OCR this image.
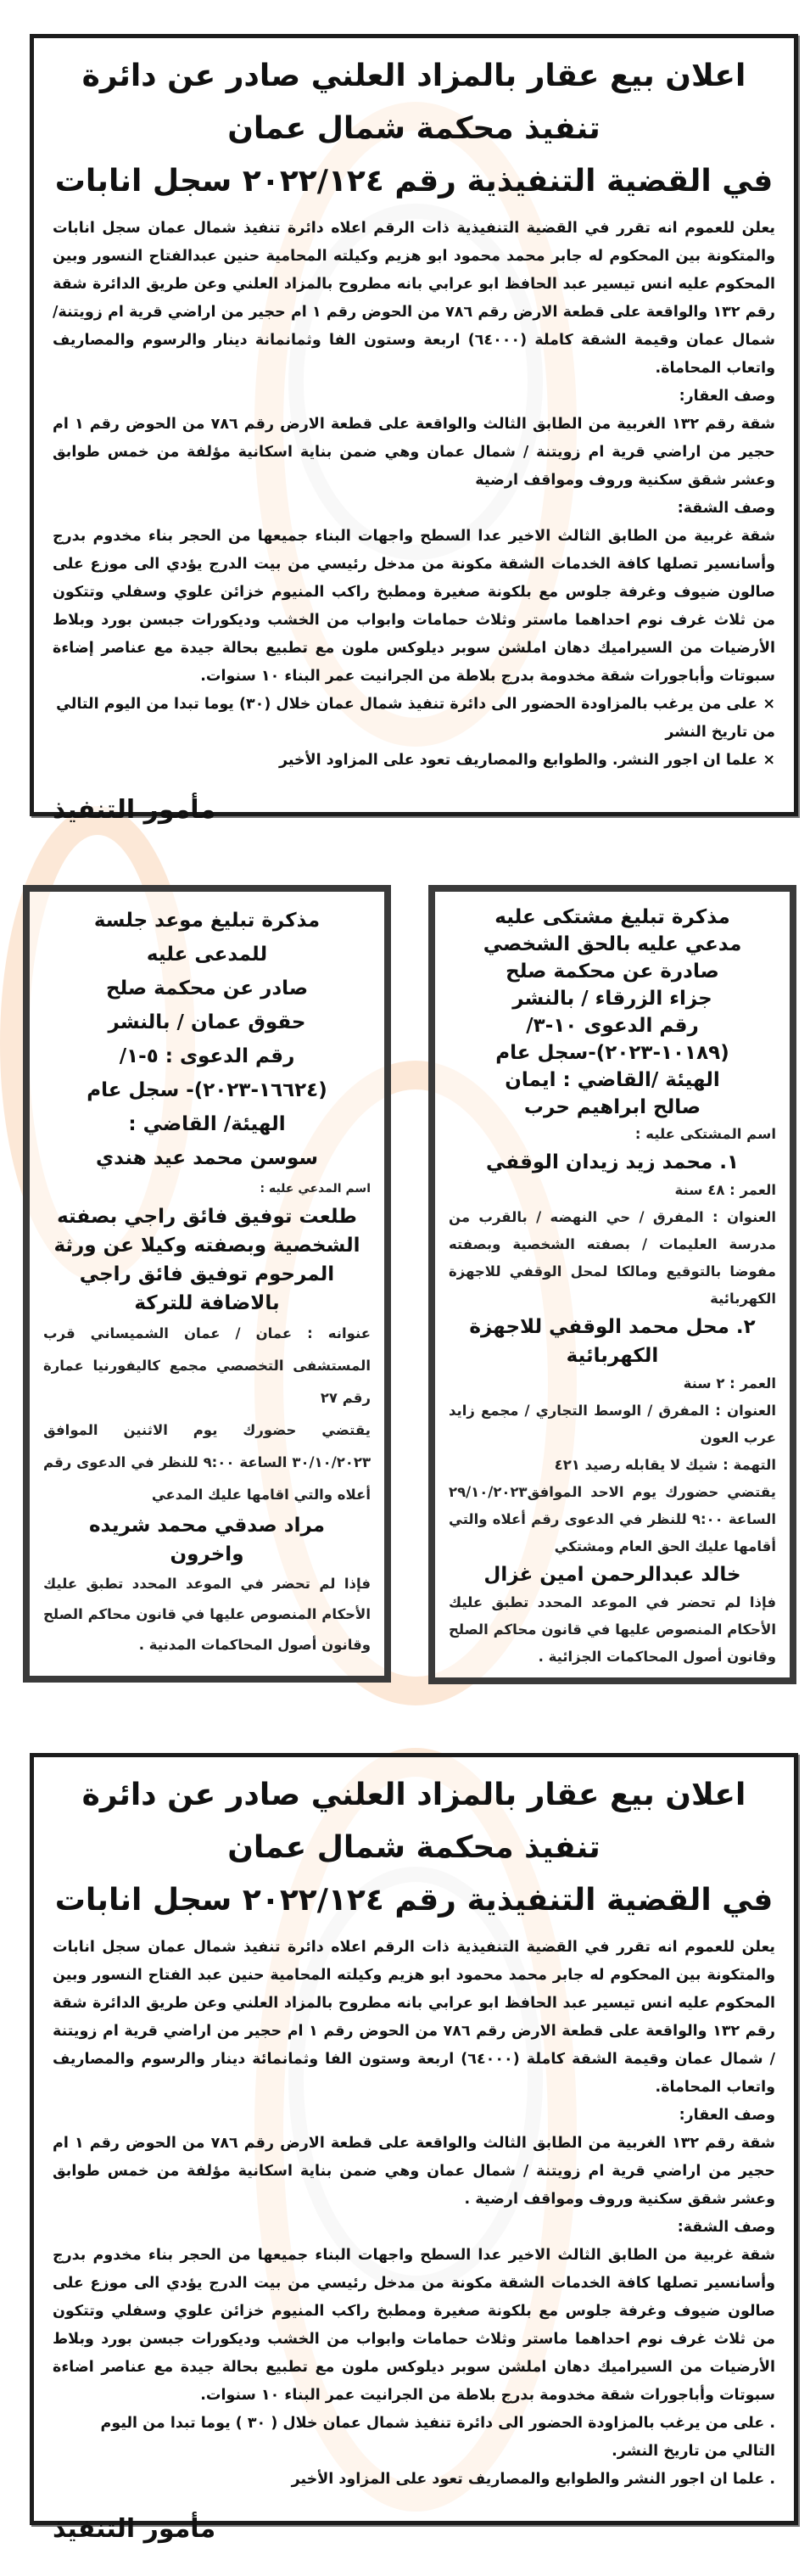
اعلان بيع عقار بالمزاد العلني صادر عن دائرة تنفيذ محكمة شمال عمان
في القضية التنفيذية رقم ٢٠٢٢/١٢٤ سجل انابات

يعلن للعموم انه تقرر في القضية التنفيذية ذات الرقم اعلاه دائرة تنفيذ شمال عمان سجل انابات والمتكونة بين المحكوم له جابر محمد محمود ابو هزيم وكيلته المحامية حنين عبدالفتاح النسور وبين المحكوم عليه انس تيسير عبد الحافظ ابو عرابي بانه مطروح بالمزاد العلني وعن طريق الدائرة شقة رقم ١٣٢ والواقعة على قطعة الارض رقم ٧٨٦ من الحوض رقم ١ ام حجير من اراضي قرية ام زويتنة/ شمال عمان وقيمة الشقة كاملة (٦٤٠٠٠) اربعة وستون الفا وثمانمانة دينار والرسوم والمصاريف واتعاب المحاماة.

وصف العقار:

شقة رقم ١٣٢ الغربية من الطابق الثالث والواقعة على قطعة الارض رقم ٧٨٦ من الحوض رقم ١ ام حجير من اراضي قرية ام زويتنة / شمال عمان وهي ضمن بناية اسكانية مؤلفة من خمس طوابق وعشر شقق سكنية وروف ومواقف ارضية

وصف الشقة:

شقة غربية من الطابق الثالث الاخير عدا السطح واجهات البناء جميعها من الحجر بناء مخدوم بدرج وأسانسير تصلها كافة الخدمات الشقة مكونة من مدخل رئيسي من بيت الدرج يؤدي الى موزع على صالون ضيوف وغرفة جلوس مع بلكونة صغيرة ومطبخ راكب المنيوم خزائن علوي وسفلي وتتكون من ثلاث غرف نوم احداهما ماستر وثلاث حمامات وابواب من الخشب وديكورات جبسن بورد وبلاط الأرضيات من السيراميك دهان املشن سوبر ديلوكس ملون مع تطبيع بحالة جيدة مع عناصر إضاءة سبوتات وأباجورات شقة مخدومة بدرج بلاطة من الجرانيت عمر البناء ١٠ سنوات.

× على من يرغب بالمزاودة الحضور الى دائرة تنفيذ شمال عمان خلال (٣٠) يوما تبدا من اليوم التالي من تاريخ النشر

× علما ان اجور النشر. والطوابع والمصاريف تعود على المزاود الأخير

مأمور التنفيذ
مذكرة تبليغ مشتكى عليه
مدعي عليه بالحق الشخصي
صادرة عن محكمة صلح
جزاء الزرقاء / بالنشر
رقم الدعوى ١٠-٣/
(١٠١٨٩-٢٠٢٣)-سجل عام
الهيئة /القاضي : ايمان
صالح ابراهيم حرب
اسم المشتكى عليه :
١. محمد زيد زيدان الوقفي
العمر : ٤٨ سنة
العنوان : المفرق / حي النهضه / بالقرب من مدرسة العليمات / بصفته الشخصية وبصفته مفوضا بالتوقيع ومالكا لمحل الوقفي للاجهزة الكهربائية
٢. محل محمد الوقفي للاجهزة الكهربائية
العمر : ٢ سنة
العنوان : المفرق / الوسط التجاري / مجمع زايد عرب العون
التهمة : شيك لا يقابله رصيد ٤٢١
يقتضي حضورك يوم الاحد الموافق٢٩/١٠/٢٠٢٣ الساعة ٩:٠٠ للنظر في الدعوى رقم أعلاه والتي أقامها عليك الحق العام ومشتكي
خالد عبدالرحمن امين غزال
فإذا لم تحضر في الموعد المحدد تطبق عليك الأحكام المنصوص عليها في قانون محاكم الصلح وقانون أصول المحاكمات الجزائية .
مذكرة تبليغ موعد جلسة
للمدعى عليه
صادر عن محكمة صلح
حقوق عمان / بالنشر
رقم الدعوى : ٥-١/
(١٦٦٢٤-٢٠٢٣)- سجل عام
الهيئة/ القاضي :
سوسن محمد عيد هندي
اسم المدعي عليه :
طلعت توفيق فائق راجي بصفته الشخصية وبصفته وكيلا عن ورثة المرحوم توفيق فائق راجي بالاضافة للتركة
عنوانه : عمان / عمان الشميساني قرب المستشفى التخصصي مجمع كاليفورنيا عمارة رقم ٢٧
يقتضي حضورك يوم الاثنين الموافق ٣٠/١٠/٢٠٢٣ الساعة ٩:٠٠ للنظر في الدعوى رقم أعلاه والتي اقامها عليك المدعي
مراد صدقي محمد شريده
واخرون
فإذا لم تحضر في الموعد المحدد تطبق عليك الأحكام المنصوص عليها في قانون محاكم الصلح وقانون أصول المحاكمات المدنية .
اعلان بيع عقار بالمزاد العلني صادر عن دائرة تنفيذ محكمة شمال عمان
في القضية التنفيذية رقم ٢٠٢٢/١٢٤ سجل انابات

يعلن للعموم انه تقرر في القضية التنفيذية ذات الرقم اعلاه دائرة تنفيذ شمال عمان سجل انابات والمتكونة بين المحكوم له جابر محمد محمود ابو هزيم وكيلته المحامية حنين عبد الفتاح النسور وبين المحكوم عليه انس تيسير عبد الحافظ ابو عرابي بانه مطروح بالمزاد العلني وعن طريق الدائرة شقة رقم ١٣٢ والواقعة على قطعة الارض رقم ٧٨٦ من الحوض رقم ١ ام حجير من اراضي قرية ام زويتنة / شمال عمان وقيمة الشقة كاملة (٦٤٠٠٠) اربعة وستون الفا وثمانمائة دينار والرسوم والمصاريف واتعاب المحاماة.

وصف العقار:

شقة رقم ١٣٢ الغربية من الطابق الثالث والواقعة على قطعة الارض رقم ٧٨٦ من الحوض رقم ١ ام حجير من اراضي قرية ام زويتنة / شمال عمان وهي ضمن بناية اسكانية مؤلفة من خمس طوابق وعشر شقق سكنية وروف ومواقف ارضية .

وصف الشقة:

شقة غربية من الطابق الثالث الاخير عدا السطح واجهات البناء جميعها من الحجر بناء مخدوم بدرج وأسانسير تصلها كافة الخدمات الشقة مكونة من مدخل رئيسي من بيت الدرج يؤدي الى موزع على صالون ضيوف وغرفة جلوس مع بلكونة صغيرة ومطبخ راكب المنيوم خزائن علوي وسفلي وتتكون من ثلاث غرف نوم احداهما ماستر وثلاث حمامات وابواب من الخشب وديكورات جبسن بورد وبلاط الأرضيات من السيراميك دهان املشن سوبر ديلوكس ملون مع تطبيع بحالة جيدة مع عناصر اضاءة سبوتات وأباجورات شقة مخدومة بدرج بلاطة من الجرانيت عمر البناء ١٠ سنوات.

. على من يرغب بالمزاودة الحضور الى دائرة تنفيذ شمال عمان خلال ( ٣٠ ) يوما تبدا من اليوم التالي من تاريخ النشر.

. علما ان اجور النشر والطوابع والمصاريف تعود على المزاود الأخير

مأمور التنفيذ
